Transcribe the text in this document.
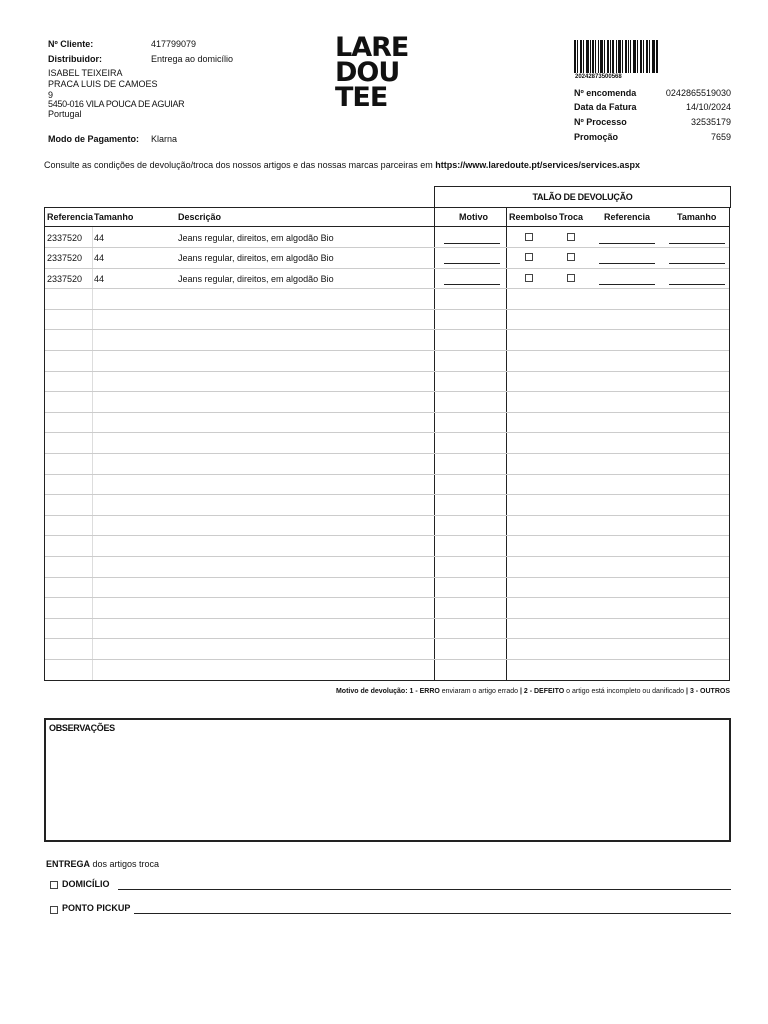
Nº Cliente:	417799079
Distribuidor:	Entrega ao domicílio
ISABEL TEIXEIRA
PRACA LUIS DE CAMOES
9
5450-016 VILA POUCA DE AGUIAR
Portugal
Modo de Pagamento: Klarna
LARE
DOU
TEE
20242873500568
Nº encomenda	0242865519030
Data da Fatura	14/10/2024
Nº Processo	32535179
Promoção	7659
Consulte as condições de devolução/troca dos nossos artigos e das nossas marcas parceiras em https://www.laredoute.pt/services/services.aspx
TALÃO DE DEVOLUÇÃO
Referencia Tamanho	Descrição	Motivo Reembolso Troca Referencia	Tamanho
2337520 44	Jeans regular, direitos, em algodão Bio
2337520 44	Jeans regular, direitos, em algodão Bio
2337520 44	Jeans regular, direitos, em algodão Bio
Motivo de devolução: 1 - ERRO enviaram o artigo errado | 2 - DEFEITO o artigo está incompleto ou danificado | 3 - OUTROS
OBSERVAÇÕES
ENTREGA dos artigos troca
DOMICÍLIO
PONTO PICKUP
